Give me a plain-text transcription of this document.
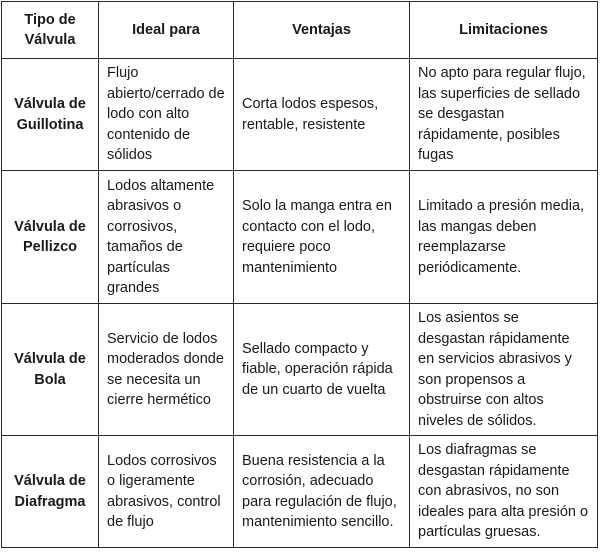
Tipo de Válvula	Ideal para	Ventajas	Limitaciones
Válvula de Guillotina	Flujo abierto/cerrado de lodo con alto contenido de sólidos	Corta lodos espesos, rentable, resistente	No apto para regular flujo, las superficies de sellado se desgastan rápidamente, posibles fugas
Válvula de Pellizco	Lodos altamente abrasivos o corrosivos, tamaños de partículas grandes	Solo la manga entra en contacto con el lodo, requiere poco mantenimiento	Limitado a presión media, las mangas deben reemplazarse periódicamente.
Válvula de Bola	Servicio de lodos moderados donde se necesita un cierre hermético	Sellado compacto y fiable, operación rápida de un cuarto de vuelta	Los asientos se desgastan rápidamente en servicios abrasivos y son propensos a obstruirse con altos niveles de sólidos.
Válvula de Diafragma	Lodos corrosivos o ligeramente abrasivos, control de flujo	Buena resistencia a la corrosión, adecuado para regulación de flujo, mantenimiento sencillo.	Los diafragmas se desgastan rápidamente con abrasivos, no son ideales para alta presión o partículas gruesas.
